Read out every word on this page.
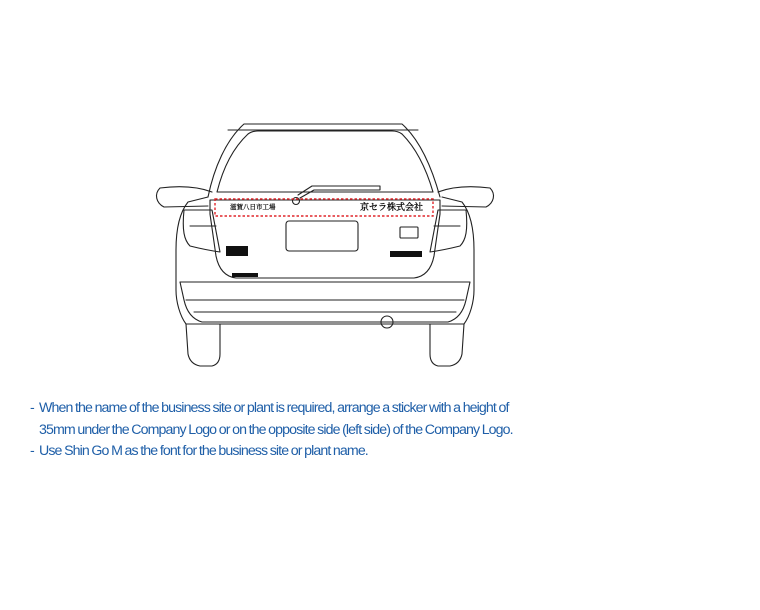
滋賀八日市工場	京セラ株式会社
- When the name of the business site or plant is required, arrange a sticker with a height of
35mm under the Company Logo or on the opposite side (left side) of the Company Logo.
- Use Shin Go M as the font for the business site or plant name.
